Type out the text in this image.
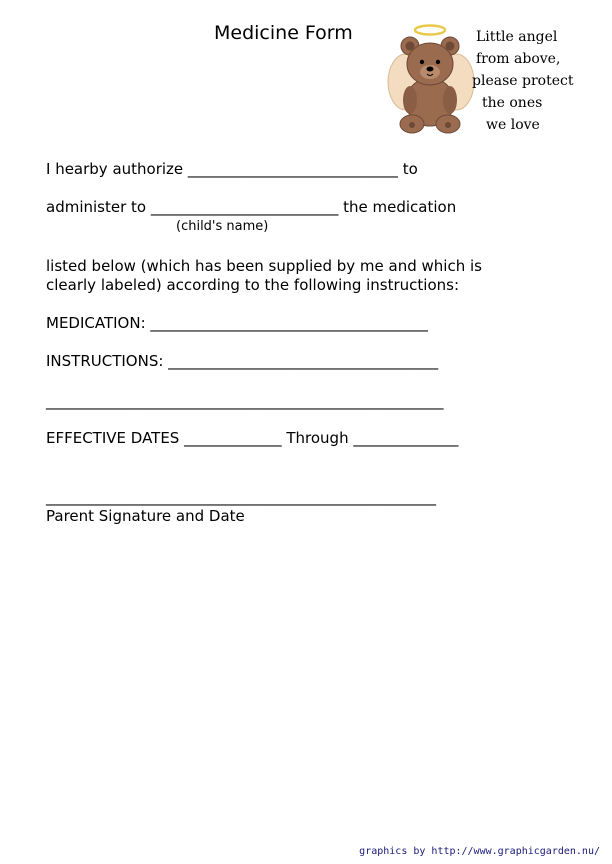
Medicine Form	Little angel
from above,
please protect
the ones
we love
I hearby authorize ____________________________ to
administer to _________________________ the medication
(child's name)
listed below (which has been supplied by me and which is
clearly labeled) according to the following instructions:
MEDICATION: _____________________________________
INSTRUCTIONS: ____________________________________
_____________________________________________________
EFFECTIVE DATES _____________ Through ______________
____________________________________________________
Parent Signature and Date
graphics by http://www.graphicgarden.nu/
